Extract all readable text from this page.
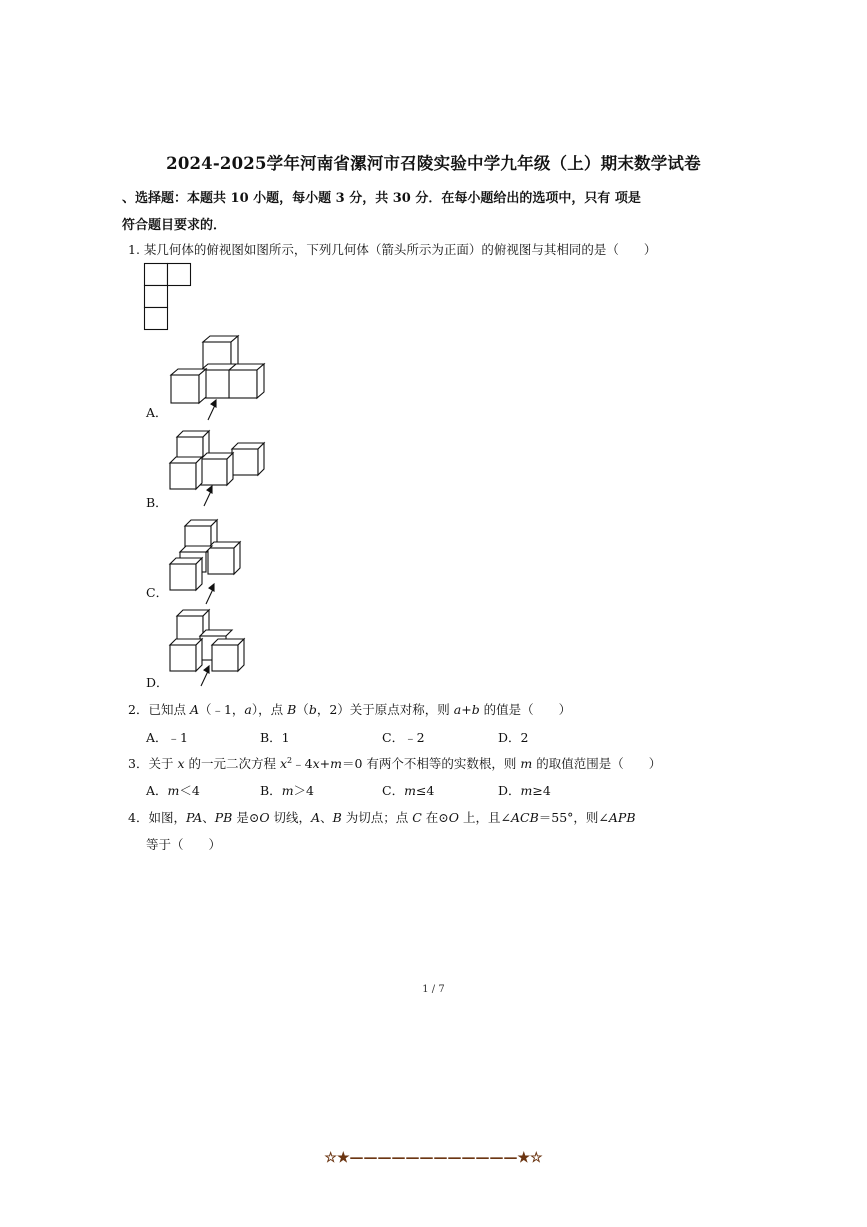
2024-2025学年河南省漯河市召陵实验中学九年级（上）期末数学试卷
、选择题：本题共 10 小题，每小题 3 分，共 30 分．在每小题给出的选项中，只有 项是
符合题目要求的．
1. 某几何体的俯视图如图所示，下列几何体（箭头所示为正面）的俯视图与其相同的是（　　）
A．
B．
C．
D．
2．已知点 A（﹣1，a），点 B（b，2）关于原点对称，则 a+b 的值是（　　）
A．﹣1	B．1	C．﹣2	D．2
3．关于 x 的一元二次方程 $x^2﹣4x+m=0$ 有两个不相等的实数根，则 m 的取值范围是（　　）
A．m＜4	B．m＞4	C．m≤4	D．m≥4
4．如图，PA、PB 是⊙O 切线，A、B 为切点；点 C 在⊙O 上，且∠ACB＝55°，则∠APB
等于（　　）
1 / 7
☆★————————————★☆
